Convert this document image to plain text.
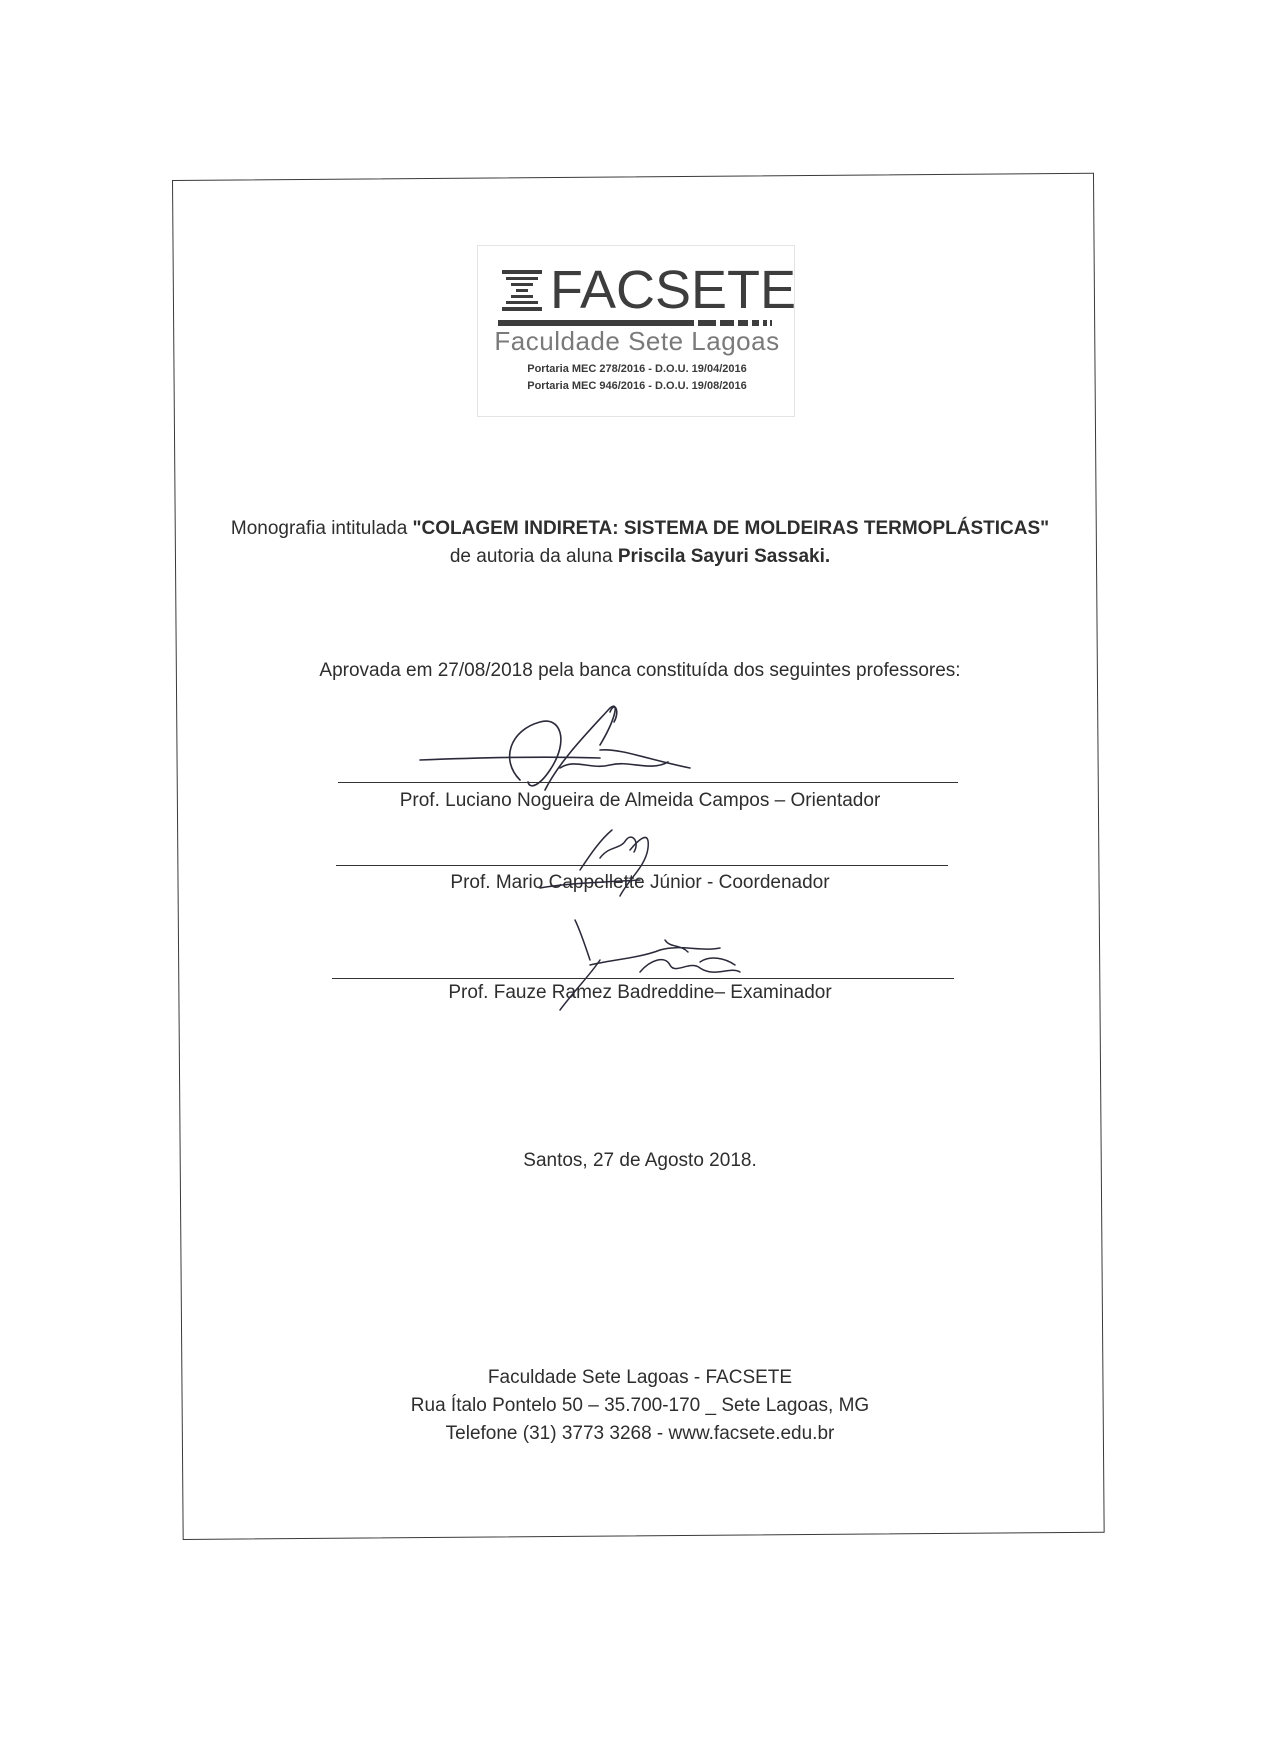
FACSETE
Faculdade Sete Lagoas
Portaria MEC 278/2016 - D.O.U. 19/04/2016
Portaria MEC 946/2016 - D.O.U. 19/08/2016
Monografia intitulada "COLAGEM INDIRETA: SISTEMA DE MOLDEIRAS TERMOPLÁSTICAS"
de autoria da aluna Priscila Sayuri Sassaki.
Aprovada em 27/08/2018 pela banca constituída dos seguintes professores:
Prof. Luciano Nogueira de Almeida Campos – Orientador
Prof. Mario Cappellette Júnior - Coordenador
Prof. Fauze Ramez Badreddine– Examinador
Santos, 27 de Agosto 2018.
Faculdade Sete Lagoas - FACSETE
Rua Ítalo Pontelo 50 – 35.700-170 _ Sete Lagoas, MG
Telefone (31) 3773 3268 - www.facsete.edu.br
